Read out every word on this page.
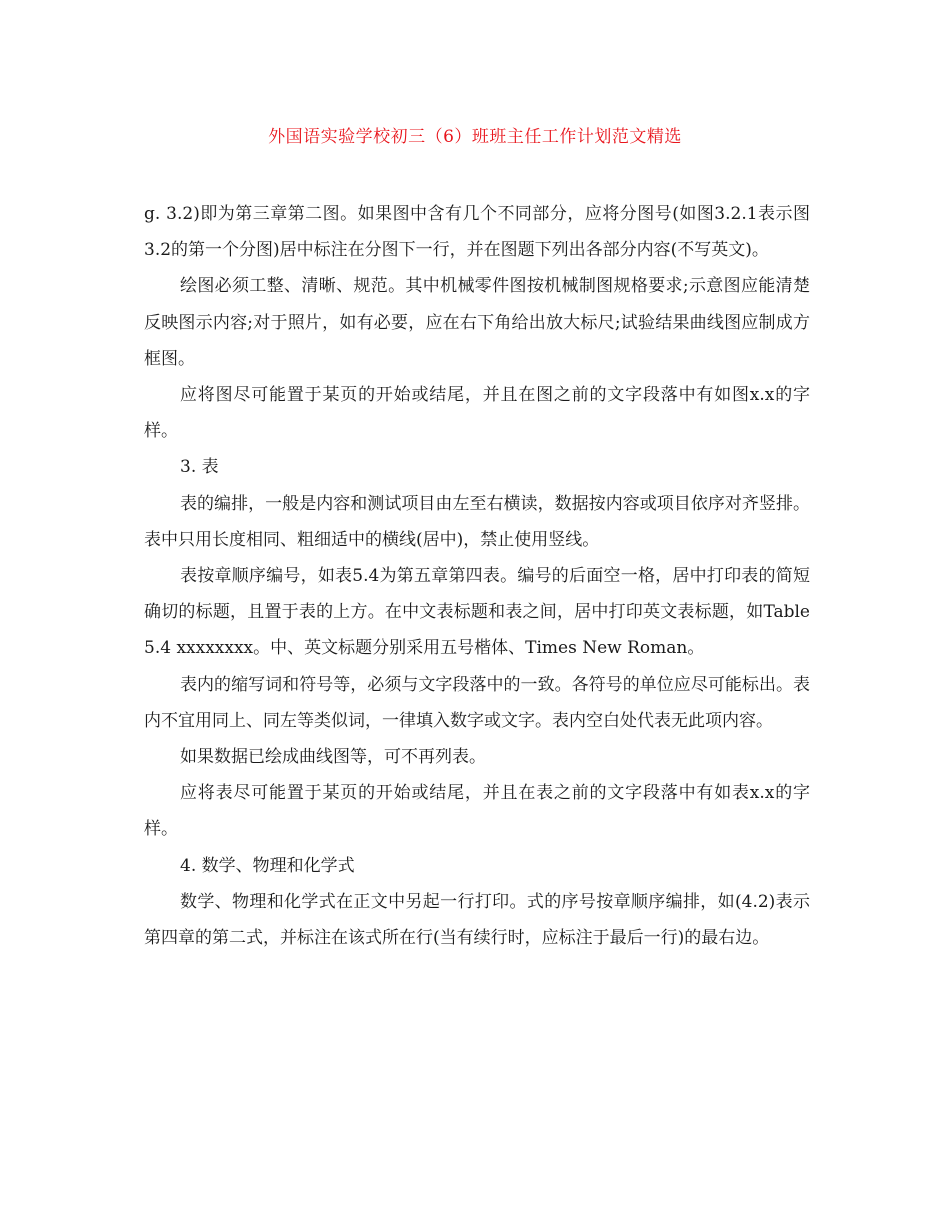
外国语实验学校初三（6）班班主任工作计划范文精选

g. 3.2)即为第三章第二图。如果图中含有几个不同部分，应将分图号(如图3.2.1表示图3.2的第一个分图)居中标注在分图下一行，并在图题下列出各部分内容(不写英文)。

绘图必须工整、清晰、规范。其中机械零件图按机械制图规格要求;示意图应能清楚反映图示内容;对于照片，如有必要，应在右下角给出放大标尺;试验结果曲线图应制成方框图。

应将图尽可能置于某页的开始或结尾，并且在图之前的文字段落中有如图x.x的字样。

3. 表

表的编排，一般是内容和测试项目由左至右横读，数据按内容或项目依序对齐竖排。表中只用长度相同、粗细适中的横线(居中)，禁止使用竖线。

表按章顺序编号，如表5.4为第五章第四表。编号的后面空一格，居中打印表的简短确切的标题，且置于表的上方。在中文表标题和表之间，居中打印英文表标题，如Table 5.4 xxxxxxxx。中、英文标题分别采用五号楷体、Times New Roman。

表内的缩写词和符号等，必须与文字段落中的一致。各符号的单位应尽可能标出。表内不宜用同上、同左等类似词，一律填入数字或文字。表内空白处代表无此项内容。

如果数据已绘成曲线图等，可不再列表。

应将表尽可能置于某页的开始或结尾，并且在表之前的文字段落中有如表x.x的字样。

4. 数学、物理和化学式

数学、物理和化学式在正文中另起一行打印。式的序号按章顺序编排，如(4.2)表示第四章的第二式，并标注在该式所在行(当有续行时，应标注于最后一行)的最右边。
